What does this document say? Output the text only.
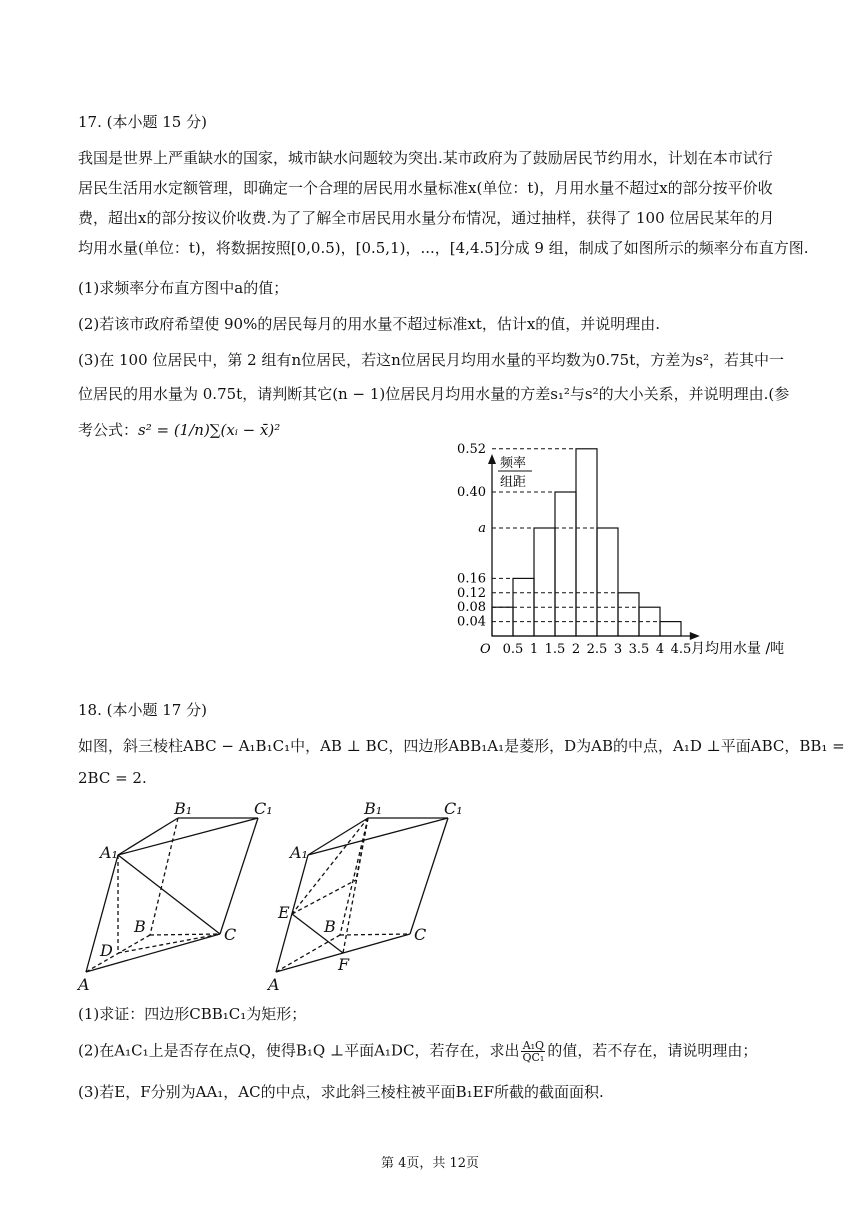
17. (本小题 15 分)
我国是世界上严重缺水的国家，城市缺水问题较为突出.某市政府为了鼓励居民节约用水，计划在本市试行
居民生活用水定额管理，即确定一个合理的居民用水量标准x(单位：t)，月用水量不超过x的部分按平价收
费，超出x的部分按议价收费.为了了解全市居民用水量分布情况，通过抽样，获得了 100 位居民某年的月
均用水量(单位：t)，将数据按照[0,0.5)，[0.5,1)，...，[4,4.5]分成 9 组，制成了如图所示的频率分布直方图.
(1)求频率分布直方图中a的值；
(2)若该市政府希望使 90%的居民每月的用水量不超过标准xt，估计x的值，并说明理由.
(3)在 100 位居民中，第 2 组有n位居民，若这n位居民月均用水量的平均数为0.75t，方差为s²，若其中一
位居民的用水量为 0.75t，请判断其它(n − 1)位居民月均用水量的方差s₁²与s²的大小关系，并说明理由.(参
考公式：s² = (1/n)∑(xᵢ − x̄)²
0.52
0.40
a
0.16
0.12
0.08
0.04
0.5 1 1.5 2 2.5 3 3.5 4 4.5
O	月均用水量 /吨
频率
组距
18. (本小题 17 分)
如图，斜三棱柱ABC − A₁B₁C₁中，AB ⊥ BC，四边形ABB₁A₁是菱形，D为AB的中点，A₁D ⊥平面ABC，BB₁ =
2BC = 2.
B₁	C₁
A₁
B	C
D
A
B₁	C₁
A₁
E
B	C
F
A
(1)求证：四边形CBB₁C₁为矩形；
(2)在A₁C₁上是否存在点Q，使得B₁Q ⊥平面A₁DC，若存在，求出 $\frac{\text{A₁Q}}{\text{QC₁}}$ 的值，若不存在，请说明理由；
(3)若E，F分别为AA₁，AC的中点，求此斜三棱柱被平面B₁EF所截的截面面积.
第 4页，共 12页
